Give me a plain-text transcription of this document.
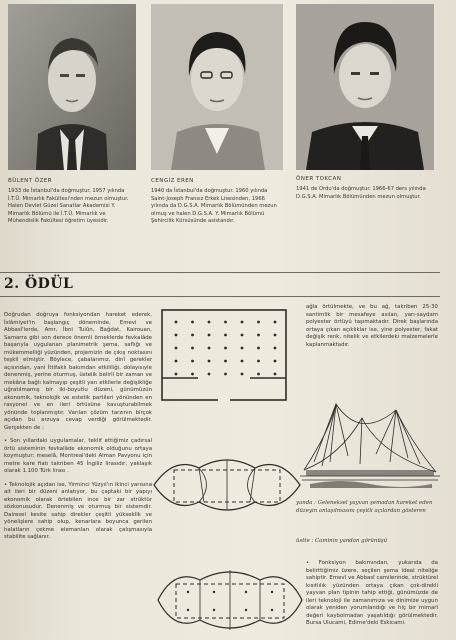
BÜLENT ÖZER
1933 de İstanbul'da doğmuştur. 1957 yılında İ.T.Ü. Mimarlık Fakültesi'nden mezun olmuştur. Halen Devlet Güzel Sanatlar Akademisi Y. Mimarlık Bölümü ile İ.T.Ü. Mimarlık ve Mühendislik Fakültesi öğretim üyesidir.
CENGİZ EREN
1940 da İstanbul'da doğmuştur. 1960 yılında Saint-Joseph Fransız Erkek Lisesinden, 1966 yılında da D.G.S.A. Mimarlık Bölümünden mezun olmuş ve halen D.G.S.A. Y. Mimarlık Bölümü Şehircilik Kürsüsünde asistandır.
ÖNER TOKCAN
1941 de Ordu'da doğmuştur. 1966-67 ders yılında D.G.S.A. Mimarlık Bölümünden mezun olmuştur.
2. ÖDÜL

Doğrudan doğruya fonksiyondan hareket ederek, İslâmiyet'in başlangıç döneminde, Emevi ve Abbasî'lerde, Amr, İbni Tulûn, Bağdat, Kairouan, Samarra gibi son derece önemli örneklerde fevkalâde başarıyla uygulanan planimetrik şema, saflığı ve mükemmelliği yüzünden, projemizin de çıkış noktasını teşkil etmiştir. Böylece, çabalarımız, dinî gerekler açısından, yani İttifaklı bakımdan etkililiği, dolayısıyle denenmiş, yerine oturmuş, üstelik belirli bir zaman ve mekâna bağlı kalmayıp çeşitli yan etkilerle değişikliğe uğratılmamış bir iki-boyutlu düzeni, günümüzün ekonomik, teknolojik ve estetik partileri yönünden en rasyonel ve en ileri örtüsüne kavuşturabilmek yönünde toplanmıştır. Varılan çözüm tarzının birçok açıdan bu arzuya cevap verdiği görülmektedir. Gerçekten de :

• Son yıllardaki uygulamalar, teklif ettiğimiz çadırsal örtü sisteminin fevkalâde ekonomik olduğunu ortaya koymuştur; meselâ, Montreal'deki Alman Pavyonu için metre kare fiatı takriben 45 İngiliz lirasıdır, yaklaşık olarak 1.100 Türk lirası .

• Teknolojik açıdan ise, Yirminci Yüzyıl'ın ikinci yarısına ait ileri bir düzeni anlatıyor, bu çaptaki bir yapıyı ekonomik olarak örtebilen ince bir zar strüktür sözkonusudur. Denenmiş ve oturmuş bir sistemdir. Dairesel kesite sahip direkler çeşitli yükseklik ve yönelişlere sahip olup, kenarlara boyunca gerilen halatların çekme elemanları olarak çalışmasıyla stabilite sağlanır.

ağla örtülmekte, ve bu ağ, takriben 25-30 santimlik bir mesafeye asılan, yarı-saydam polyester örtüyü taşımaktadır. Direk başlarında ortaya çıkan açıklıklar ise, yine polyester, fakat değişik renk, nitelik ve etkilerdeki malzemelerle kaplanmaktadır.
yanda : Geleneksel yayvan şemadan hareket eden düzeyin anlaşılmasını çeşitli açılardan gösteren
üstte : Caminin yandan görünüşü
• Fonksiyon bakımından, yukarıda da belirttiğimiz üzere, seçilen şema ideal niteliğe sahiptir. Emevî ve Abbasî camilerinde, strüktürel kısıtlılık yüzünden ortaya çıkan çok-direkli yayvan plan tipinin tahip ettiği, günümüzde de ileri teknoloji ile zamanımıza ve dinimize uygun olarak yeniden yorumlandığı ve hiç bir mimarî değeri kaybolmadan yaşatıldığı görülmektedir. Bursa Ulucami, Edirne'deki Eskicami.
